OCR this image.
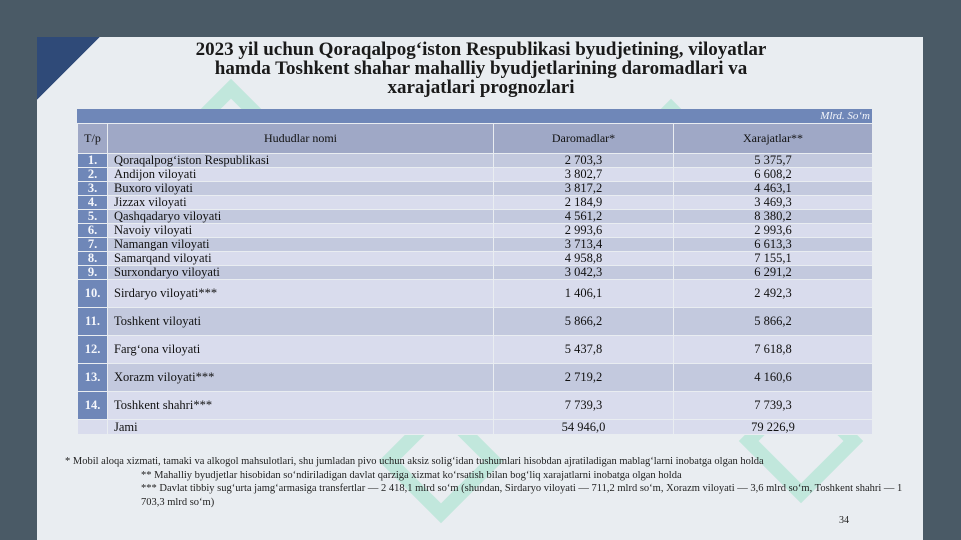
2023 yil uchun Qoraqalpog‘iston Respublikasi byudjetining, viloyatlar
hamda Toshkent shahar mahalliy byudjetlarining daromadlari va
xarajatlari prognozlari
Mlrd. So‘m
T/p	Hududlar nomi	Daromadlar*	Xarajatlar**
1.	Qoraqalpog‘iston Respublikasi	2 703,3	5 375,7
2.	Andijon viloyati	3 802,7	6 608,2
3.	Buxoro viloyati	3 817,2	4 463,1
4.	Jizzax viloyati	2 184,9	3 469,3
5.	Qashqadaryo viloyati	4 561,2	8 380,2
6.	Navoiy viloyati	2 993,6	2 993,6
7.	Namangan viloyati	3 713,4	6 613,3
8.	Samarqand viloyati	4 958,8	7 155,1
9.	Surxondaryo viloyati	3 042,3	6 291,2
10.	Sirdaryo viloyati***	1 406,1	2 492,3
11.	Toshkent viloyati	5 866,2	5 866,2
12.	Farg‘ona viloyati	5 437,8	7 618,8
13.	Xorazm viloyati***	2 719,2	4 160,6
14.	Toshkent shahri***	7 739,3	7 739,3
	Jami	54 946,0	79 226,9
* Mobil aloqa xizmati, tamaki va alkogol mahsulotlari, shu jumladan pivo uchun aksiz solig‘idan tushumlari hisobdan ajratiladigan mablag‘larni inobatga olgan holda
** Mahalliy byudjetlar hisobidan so‘ndiriladigan davlat qarziga xizmat ko‘rsatish bilan bog‘liq xarajatlarni inobatga olgan holda
*** Davlat tibbiy sug‘urta jamg‘armasiga transfertlar — 2 418,1 mlrd so‘m (shundan, Sirdaryo viloyati — 711,2 mlrd so‘m, Xorazm viloyati — 3,6 mlrd so‘m, Toshkent shahri — 1 703,3 mlrd so‘m)
34
